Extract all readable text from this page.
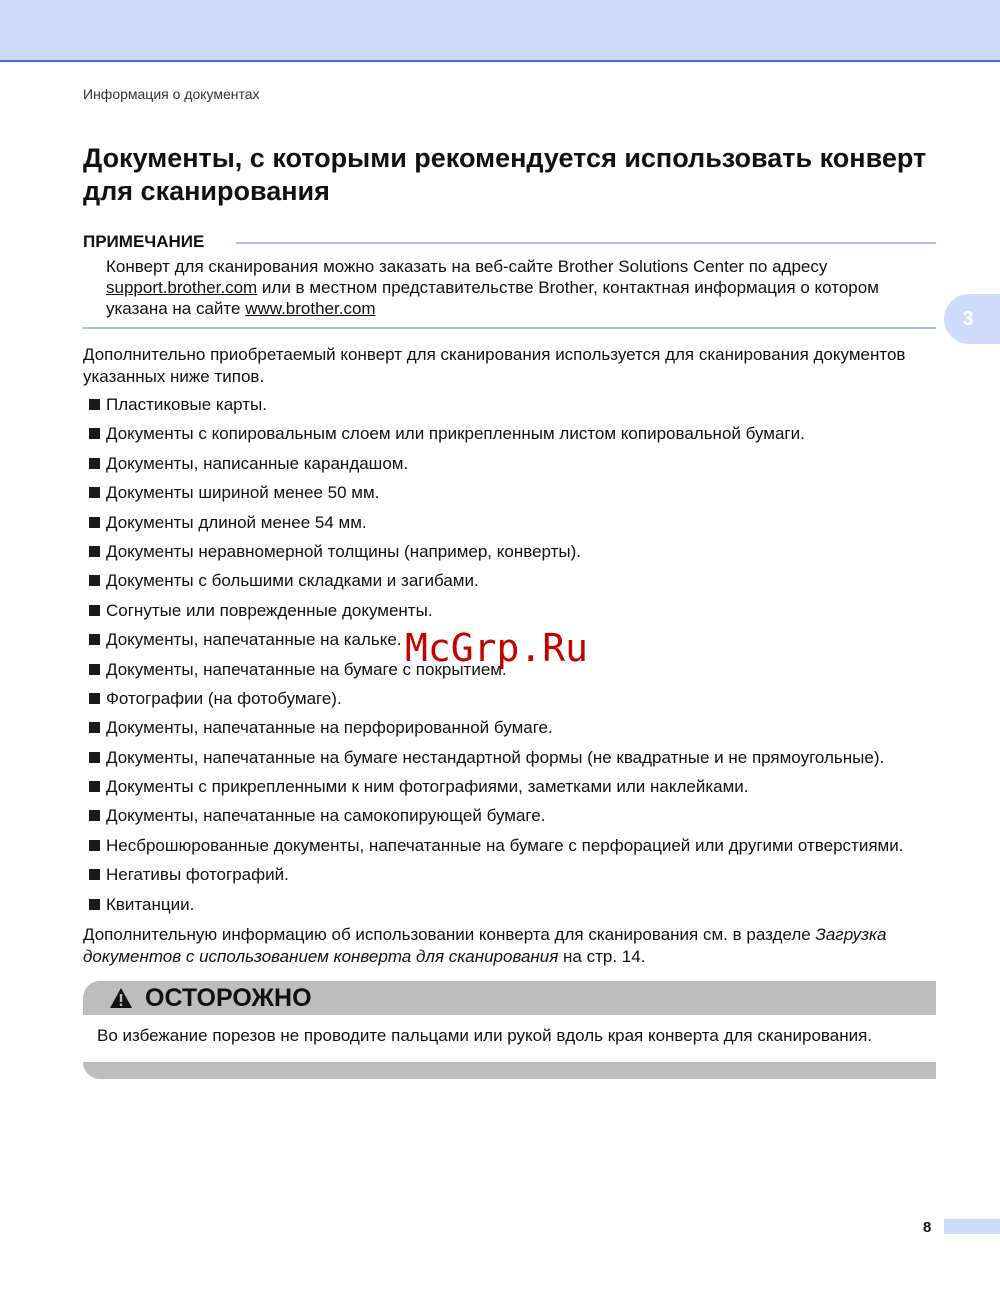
Информация о документах
Документы, с которыми рекомендуется использовать конверт для сканирования
ПРИМЕЧАНИЕ
Конверт для сканирования можно заказать на веб-сайте Brother Solutions Center по адресу
support.brother.com или в местном представительстве Brother, контактная информация о котором указана на сайте www.brother.com	3
Дополнительно приобретаемый конверт для сканирования используется для сканирования документов указанных ниже типов.
Пластиковые карты.
Документы с копировальным слоем или прикрепленным листом копировальной бумаги.
Документы, написанные карандашом.
Документы шириной менее 50 мм.
Документы длиной менее 54 мм.
Документы неравномерной толщины (например, конверты).
Документы с большими складками и загибами.
Согнутые или поврежденные документы.
Документы, напечатанные на кальке.
Документы, напечатанные на бумаге с покрытием.
Фотографии (на фотобумаге).
Документы, напечатанные на перфорированной бумаге.
Документы, напечатанные на бумаге нестандартной формы (не квадратные и не прямоугольные).
Документы с прикрепленными к ним фотографиями, заметками или наклейками.
Документы, напечатанные на самокопирующей бумаге.
Несброшюрованные документы, напечатанные на бумаге с перфорацией или другими отверстиями.
Негативы фотографий.
Квитанции.
Дополнительную информацию об использовании конверта для сканирования см. в разделе Загрузка документов с использованием конверта для сканирования на стр. 14.
ОСТОРОЖНО
Во избежание порезов не проводите пальцами или рукой вдоль края конверта для сканирования.
8
McGrp.Ru
